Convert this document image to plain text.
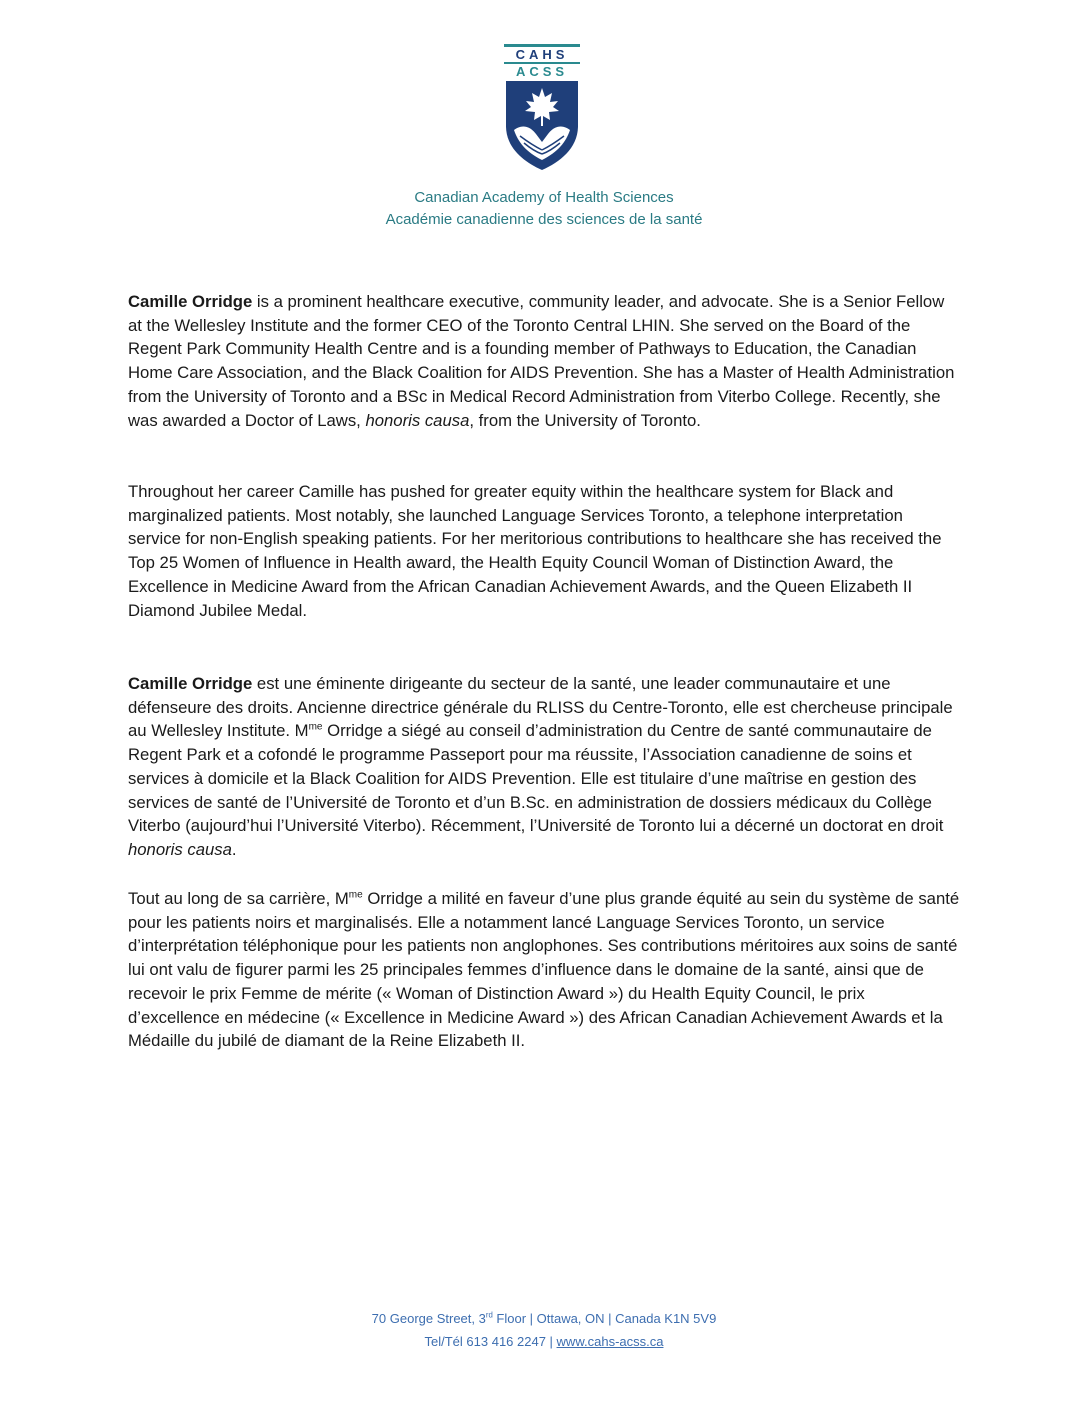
CAHS
ACSS
Canadian Academy of Health Sciences
Académie canadienne des sciences de la santé

Camille Orridge is a prominent healthcare executive, community leader, and advocate. She is a Senior Fellow at the Wellesley Institute and the former CEO of the Toronto Central LHIN. She served on the Board of the Regent Park Community Health Centre and is a founding member of Pathways to Education, the Canadian Home Care Association, and the Black Coalition for AIDS Prevention. She has a Master of Health Administration from the University of Toronto and a BSc in Medical Record Administration from Viterbo College. Recently, she was awarded a Doctor of Laws, honoris causa, from the University of Toronto.

Throughout her career Camille has pushed for greater equity within the healthcare system for Black and marginalized patients. Most notably, she launched Language Services Toronto, a telephone interpretation service for non-English speaking patients. For her meritorious contributions to healthcare she has received the Top 25 Women of Influence in Health award, the Health Equity Council Woman of Distinction Award, the Excellence in Medicine Award from the African Canadian Achievement Awards, and the Queen Elizabeth II Diamond Jubilee Medal.

Camille Orridge est une éminente dirigeante du secteur de la santé, une leader communautaire et une défenseure des droits. Ancienne directrice générale du RLISS du Centre-Toronto, elle est chercheuse principale au Wellesley Institute. $M^{me}$ Orridge a siégé au conseil d’administration du Centre de santé communautaire de Regent Park et a cofondé le programme Passeport pour ma réussite, l’Association canadienne de soins et services à domicile et la Black Coalition for AIDS Prevention. Elle est titulaire d’une maîtrise en gestion des services de santé de l’Université de Toronto et d’un B.Sc. en administration de dossiers médicaux du Collège Viterbo (aujourd’hui l’Université Viterbo). Récemment, l’Université de Toronto lui a décerné un doctorat en droit honoris causa.

Tout au long de sa carrière, $M^{me}$ Orridge a milité en faveur d’une plus grande équité au sein du système de santé pour les patients noirs et marginalisés. Elle a notamment lancé Language Services Toronto, un service d’interprétation téléphonique pour les patients non anglophones. Ses contributions méritoires aux soins de santé lui ont valu de figurer parmi les 25 principales femmes d’influence dans le domaine de la santé, ainsi que de recevoir le prix Femme de mérite (« Woman of Distinction Award ») du Health Equity Council, le prix d’excellence en médecine (« Excellence in Medicine Award ») des African Canadian Achievement Awards et la Médaille du jubilé de diamant de la Reine Elizabeth II.

70 George Street, 3rd Floor | Ottawa, ON | Canada K1N 5V9
Tel/Tél 613 416 2247 | www.cahs-acss.ca
